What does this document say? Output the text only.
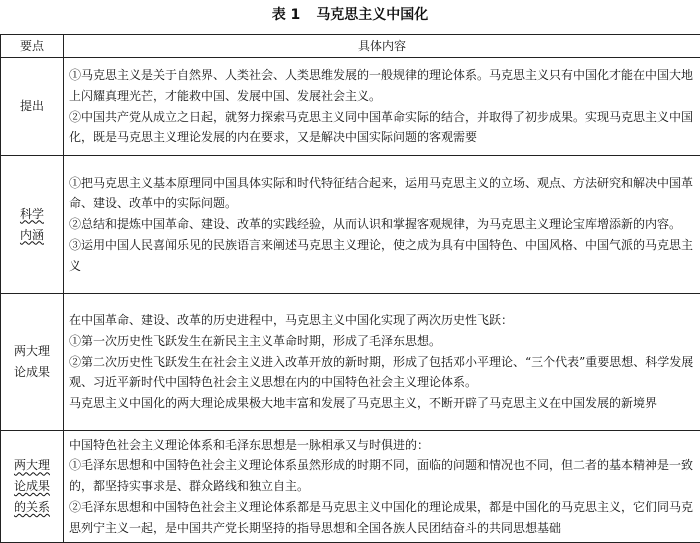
表 1 马克思主义中国化
要点	具体内容

提出	①马克思主义是关于自然界、人类社会、人类思维发展的一般规律的理论体系。马克思主义只有中国化才能在中国大地上闪耀真理光芒，才能救中国、发展中国、发展社会主义。
②中国共产党从成立之日起，就努力探索马克思主义同中国革命实际的结合，并取得了初步成果。实现马克思主义中国化，既是马克思主义理论发展的内在要求，又是解决中国实际问题的客观需要

科学
内涵	①把马克思主义基本原理同中国具体实际和时代特征结合起来，运用马克思主义的立场、观点、方法研究和解决中国革命、建设、改革中的实际问题。
②总结和提炼中国革命、建设、改革的实践经验，从而认识和掌握客观规律，为马克思主义理论宝库增添新的内容。
③运用中国人民喜闻乐见的民族语言来阐述马克思主义理论，使之成为具有中国特色、中国风格、中国气派的马克思主义

两大理
论成果	在中国革命、建设、改革的历史进程中，马克思主义中国化实现了两次历史性飞跃：
①第一次历史性飞跃发生在新民主主义革命时期，形成了毛泽东思想。
②第二次历史性飞跃发生在社会主义进入改革开放的新时期，形成了包括邓小平理论、“三个代表”重要思想、科学发展观、习近平新时代中国特色社会主义思想在内的中国特色社会主义理论体系。
马克思主义中国化的两大理论成果极大地丰富和发展了马克思主义，不断开辟了马克思主义在中国发展的新境界

两大理
论成果
的关系	中国特色社会主义理论体系和毛泽东思想是一脉相承又与时俱进的：
①毛泽东思想和中国特色社会主义理论体系虽然形成的时期不同，面临的问题和情况也不同，但二者的基本精神是一致的，都坚持实事求是、群众路线和独立自主。
②毛泽东思想和中国特色社会主义理论体系都是马克思主义中国化的理论成果，都是中国化的马克思主义，它们同马克思列宁主义一起，是中国共产党长期坚持的指导思想和全国各族人民团结奋斗的共同思想基础
